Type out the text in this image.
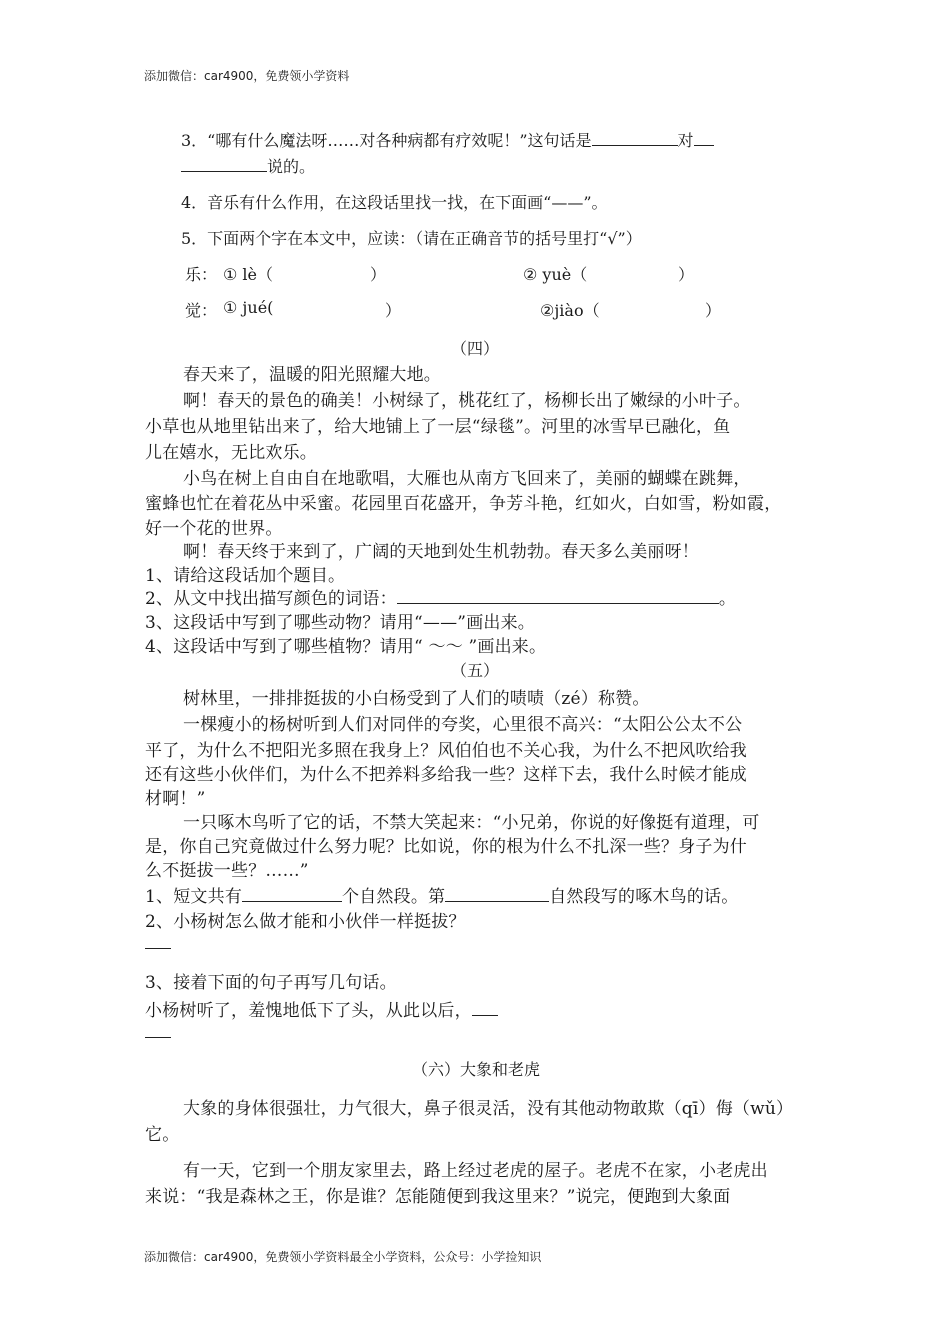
添加微信：car4900，免费领小学资料
3．“哪有什么魔法呀……对各种病都有疗效呢！”这句话是	对
说的。
4．音乐有什么作用，在这段话里找一找，在下面画“——”。
5．下面两个字在本文中，应读：（请在正确音节的括号里打“√”）
乐： ① lè（	）	② yuè（	）
觉： ① jué(	）	②jiào（	）
（四）
春天来了，温暖的阳光照耀大地。
啊！春天的景色的确美！小树绿了，桃花红了，杨柳长出了嫩绿的小叶子。
小草也从地里钻出来了，给大地铺上了一层“绿毯”。河里的冰雪早已融化，鱼
儿在嬉水，无比欢乐。
小鸟在树上自由自在地歌唱，大雁也从南方飞回来了，美丽的蝴蝶在跳舞，
蜜蜂也忙在着花丛中采蜜。花园里百花盛开，争芳斗艳，红如火，白如雪，粉如霞，
好一个花的世界。
啊！春天终于来到了，广阔的天地到处生机勃勃。春天多么美丽呀！
1、请给这段话加个题目。
2、从文中找出描写颜色的词语：	。
3、这段话中写到了哪些动物？请用“——”画出来。
4、这段话中写到了哪些植物？请用“ ～～ ”画出来。
（五）
树林里，一排排挺拔的小白杨受到了人们的啧啧（zé）称赞。
一棵瘦小的杨树听到人们对同伴的夸奖，心里很不高兴：“太阳公公太不公
平了，为什么不把阳光多照在我身上？风伯伯也不关心我，为什么不把风吹给我
还有这些小伙伴们，为什么不把养料多给我一些？这样下去，我什么时候才能成
材啊！”
一只啄木鸟听了它的话，不禁大笑起来：“小兄弟，你说的好像挺有道理，可
是，你自己究竟做过什么努力呢？比如说，你的根为什么不扎深一些？身子为什
么不挺拔一些？……”
1、短文共有	个自然段。第	自然段写的啄木鸟的话。
2、小杨树怎么做才能和小伙伴一样挺拔？
3、接着下面的句子再写几句话。
小杨树听了，羞愧地低下了头，从此以后，
（六）大象和老虎
大象的身体很强壮，力气很大，鼻子很灵活，没有其他动物敢欺（qī）侮（wǔ）
它。
有一天，它到一个朋友家里去，路上经过老虎的屋子。老虎不在家，小老虎出
来说：“我是森林之王，你是谁？怎能随便到我这里来？”说完，便跑到大象面
添加微信：car4900，免费领小学资料最全小学资料，公众号：小学捡知识
